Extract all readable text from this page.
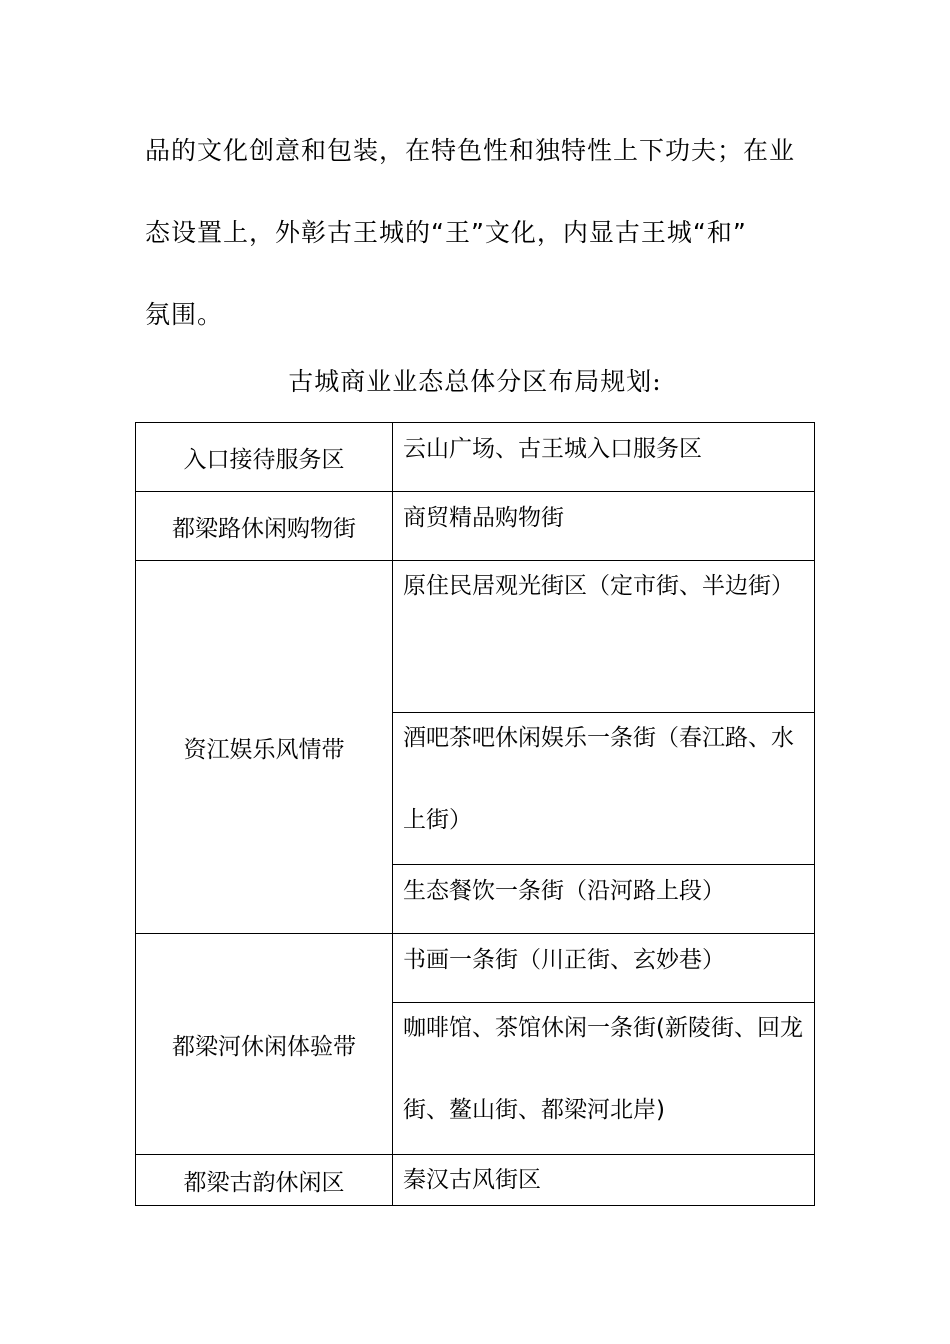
品的文化创意和包装，在特色性和独特性上下功夫；在业
态设置上，外彰古王城的“王”文化，内显古王城“和”
氛围。
古城商业业态总体分区布局规划:
入口接待服务区	云山广场、古王城入口服务区

都梁路休闲购物街	商贸精品购物街

资江娱乐风情带	原住民居观光街区（定市街、半边街）

	酒吧茶吧休闲娱乐一条街（春江路、水上街）

	生态餐饮一条街（沿河路上段）

都梁河休闲体验带	书画一条街（川正街、玄妙巷）

	咖啡馆、茶馆休闲一条街(新陵街、回龙街、鳌山街、都梁河北岸)

都梁古韵休闲区	秦汉古风街区
